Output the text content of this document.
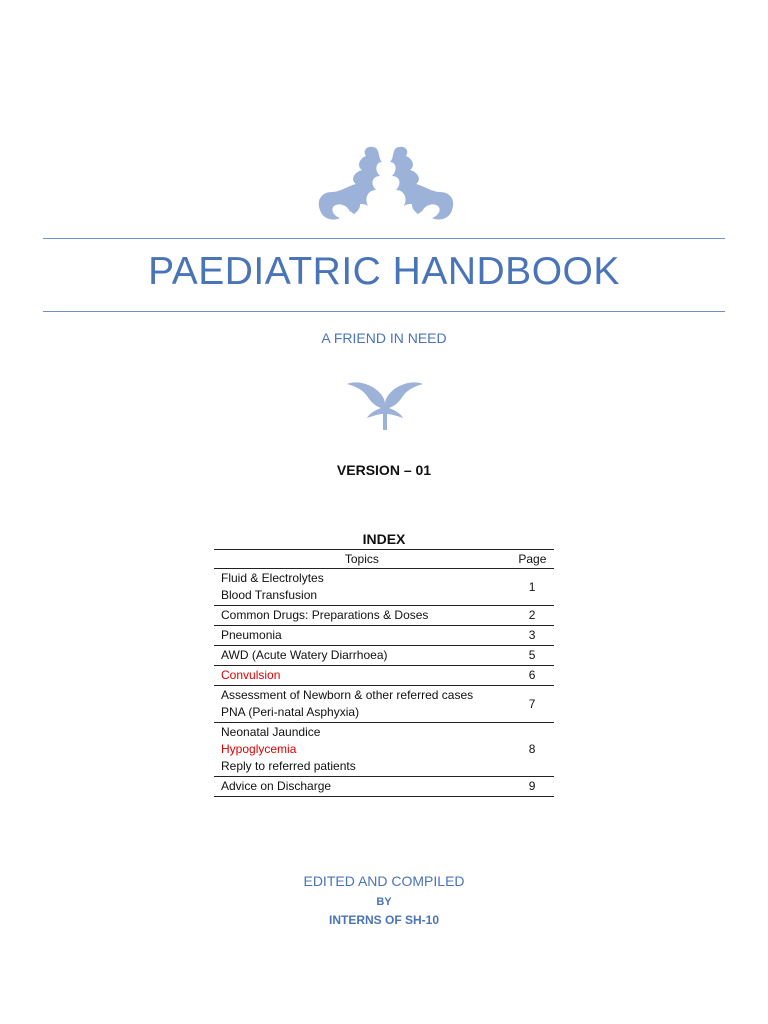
PAEDIATRIC HANDBOOK
A FRIEND IN NEED
VERSION – 01
INDEX
Topics	Page

Fluid & Electrolytes
Blood Transfusion	1

Common Drugs: Preparations & Doses	2

Pneumonia	3

AWD (Acute Watery Diarrhoea)	5

Convulsion	6

Assessment of Newborn & other referred cases
PNA (Peri-natal Asphyxia)	7

Neonatal Jaundice
Hypoglycemia
Reply to referred patients	8

Advice on Discharge	9
EDITED AND COMPILED
BY
INTERNS OF SH-10
